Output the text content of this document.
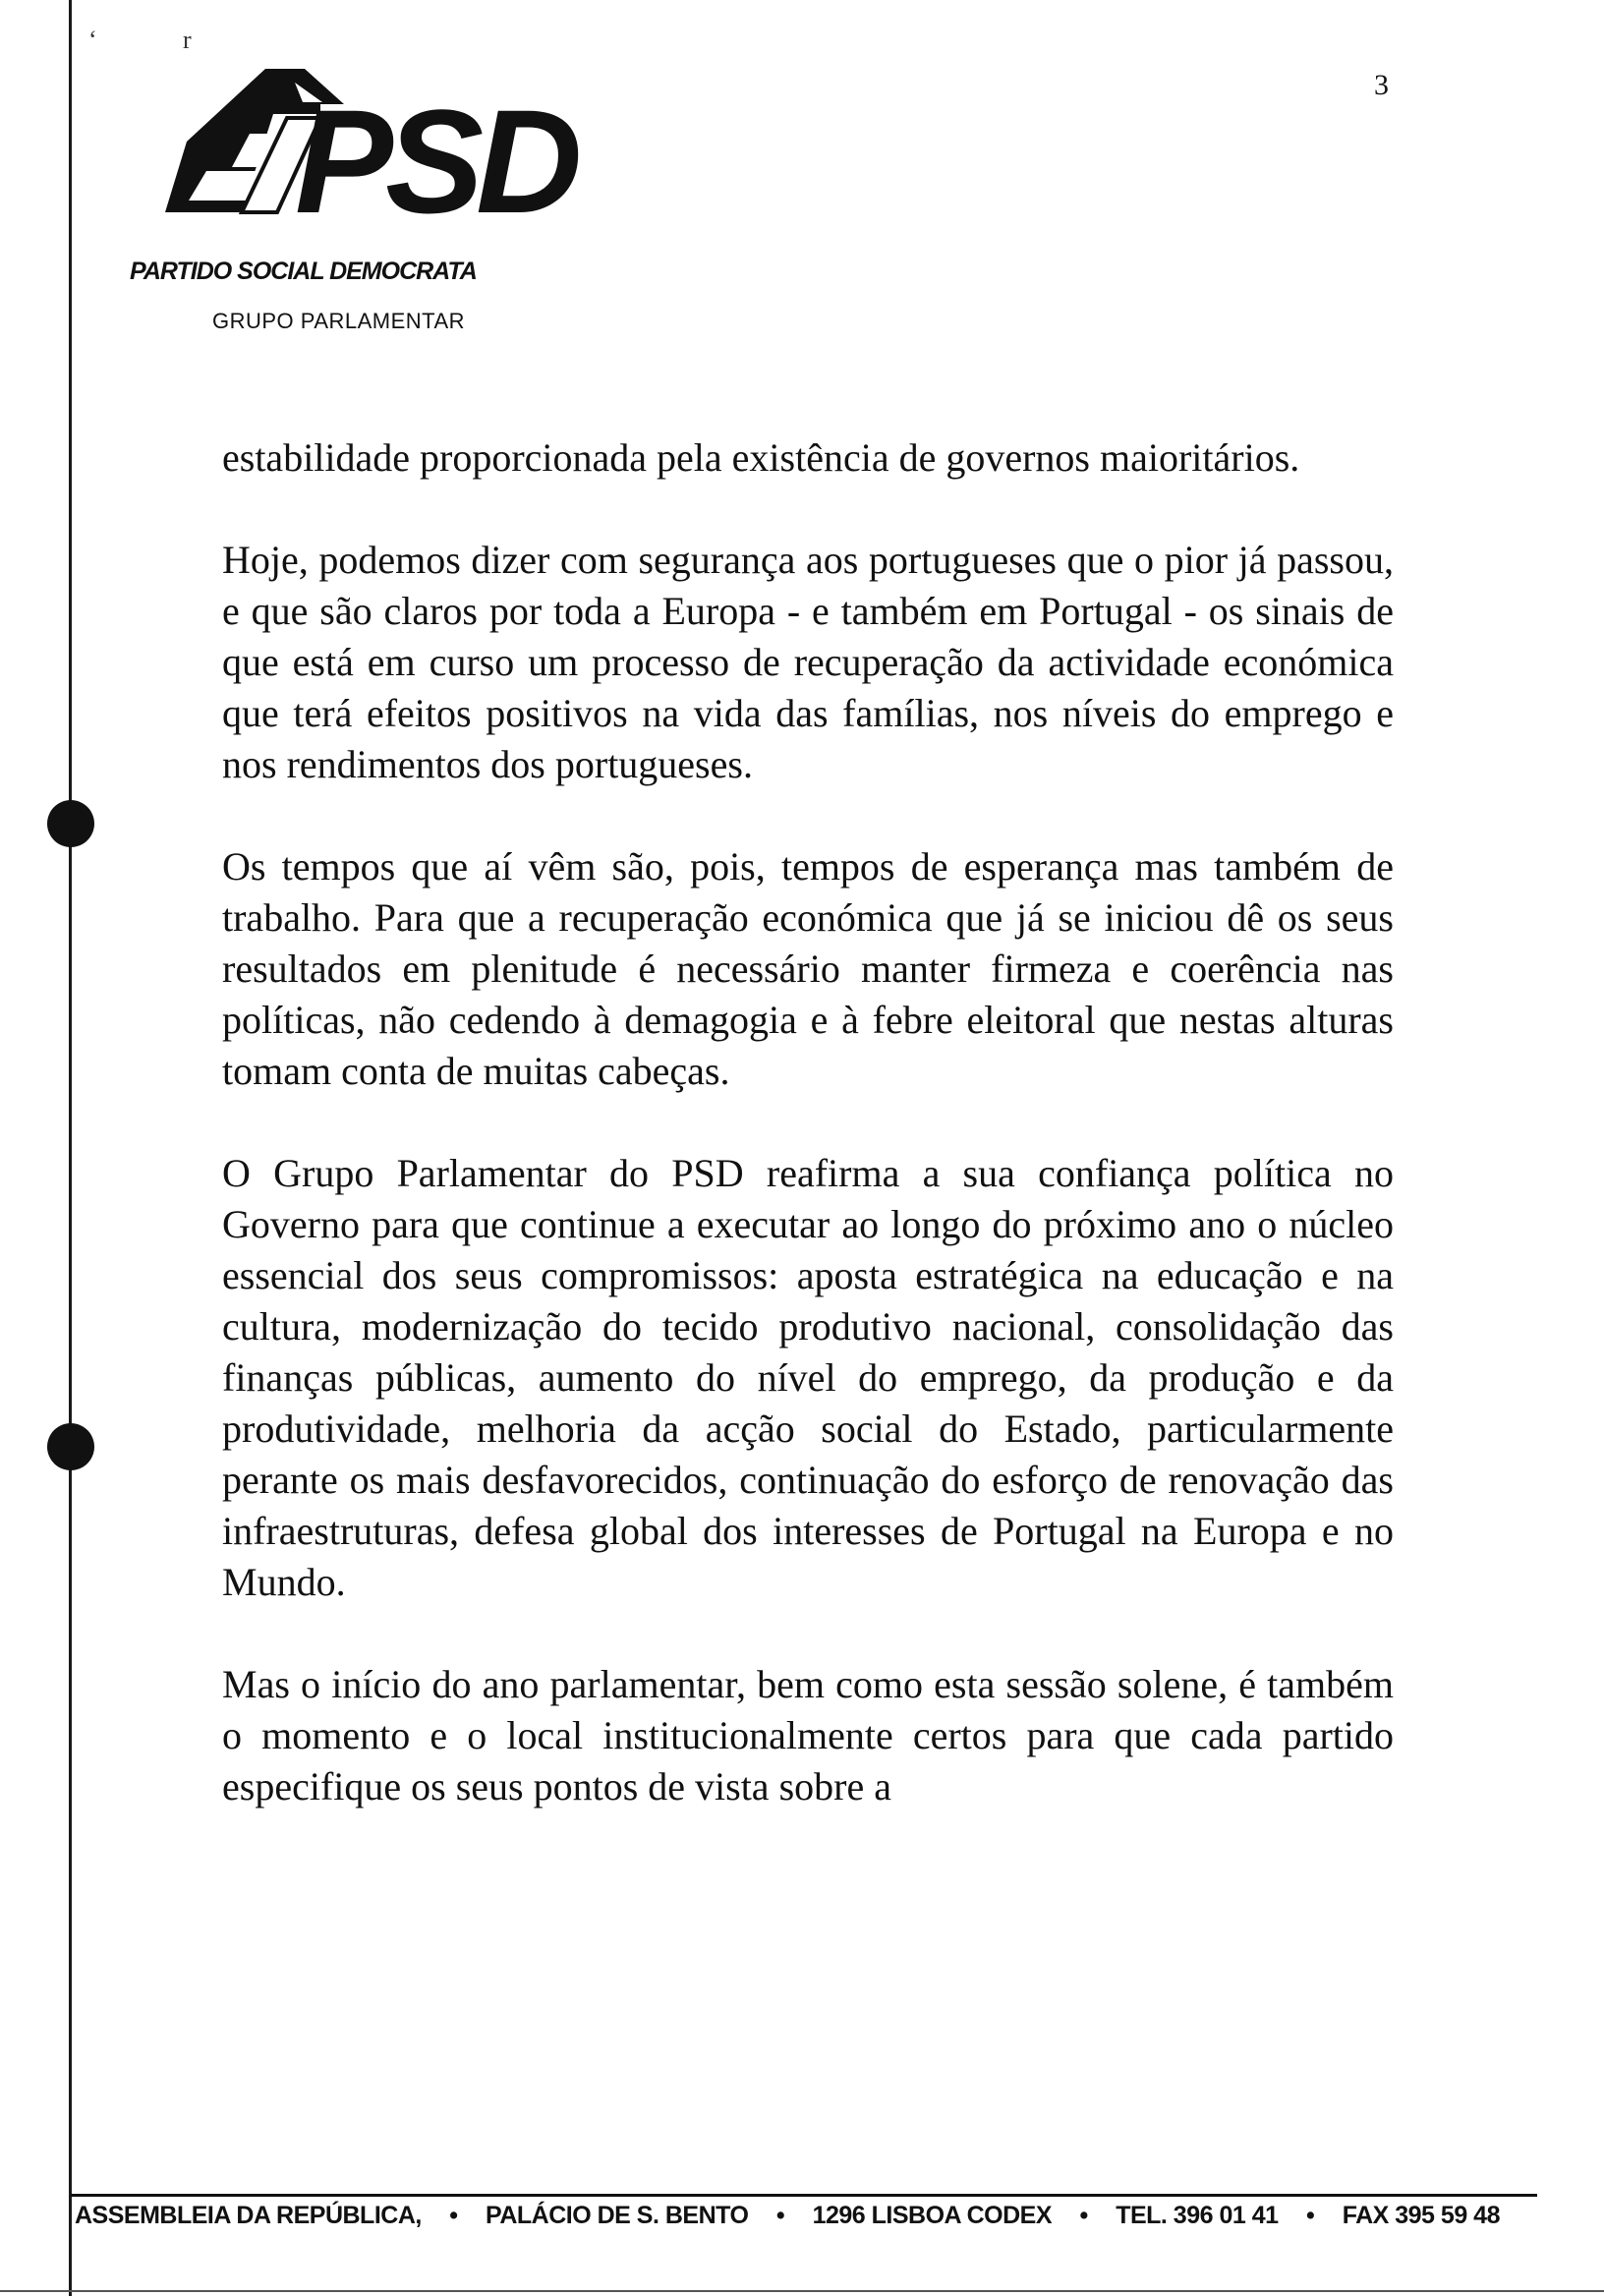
‘	r
3
PSD
PARTIDO SOCIAL DEMOCRATA
GRUPO PARLAMENTAR

estabilidade proporcionada pela existência de governos maioritários.

Hoje, podemos dizer com segurança aos portugueses que o pior já passou, e que são claros por toda a Europa - e também em Portugal - os sinais de que está em curso um processo de recuperação da actividade económica que terá efeitos positivos na vida das famílias, nos níveis do emprego e nos rendimentos dos portugueses.

Os tempos que aí vêm são, pois, tempos de esperança mas também de trabalho. Para que a recuperação económica que já se iniciou dê os seus resultados em plenitude é necessário manter firmeza e coerência nas políticas, não cedendo à demagogia e à febre eleitoral que nestas alturas tomam conta de muitas cabeças.

O Grupo Parlamentar do PSD reafirma a sua confiança política no Governo para que continue a executar ao longo do próximo ano o núcleo essencial dos seus compromissos: aposta estratégica na educação e na cultura, modernização do tecido produtivo nacional, consolidação das finanças públicas, aumento do nível do emprego, da produção e da produtividade, melhoria da acção social do Estado, particularmente perante os mais desfavorecidos, continuação do esforço de renovação das infraestruturas, defesa global dos interesses de Portugal na Europa e no Mundo.

Mas o início do ano parlamentar, bem como esta sessão solene, é também o momento e o local institucionalmente certos para que cada partido especifique os seus pontos de vista sobre a

ASSEMBLEIA DA REPÚBLICA, • PALÁCIO DE S. BENTO • 1296 LISBOA CODEX • TEL. 396 01 41 • FAX 395 59 48
